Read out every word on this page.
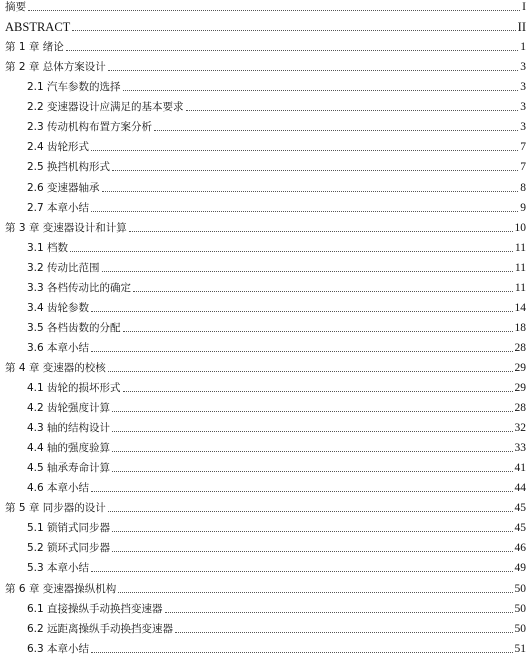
摘要	I
ABSTRACT	II
第 1 章 绪论	1
第 2 章 总体方案设计	3
2.1 汽车参数的选择	3
2.2 变速器设计应满足的基本要求	3
2.3 传动机构布置方案分析	3
2.4 齿轮形式	7
2.5 换挡机构形式	7
2.6 变速器轴承	8
2.7 本章小结	9
第 3 章 变速器设计和计算	10
3.1 档数	11
3.2 传动比范围	11
3.3 各档传动比的确定	11
3.4 齿轮参数	14
3.5 各档齿数的分配	18
3.6 本章小结	28
第 4 章 变速器的校核	29
4.1 齿轮的损坏形式	29
4.2 齿轮强度计算	28
4.3 轴的结构设计	32
4.4 轴的强度验算	33
4.5 轴承寿命计算	41
4.6 本章小结	44
第 5 章 同步器的设计	45
5.1 锁销式同步器	45
5.2 锁环式同步器	46
5.3 本章小结	49
第 6 章 变速器操纵机构	50
6.1 直接操纵手动换挡变速器	50
6.2 远距离操纵手动换挡变速器	50
6.3 本章小结	51
